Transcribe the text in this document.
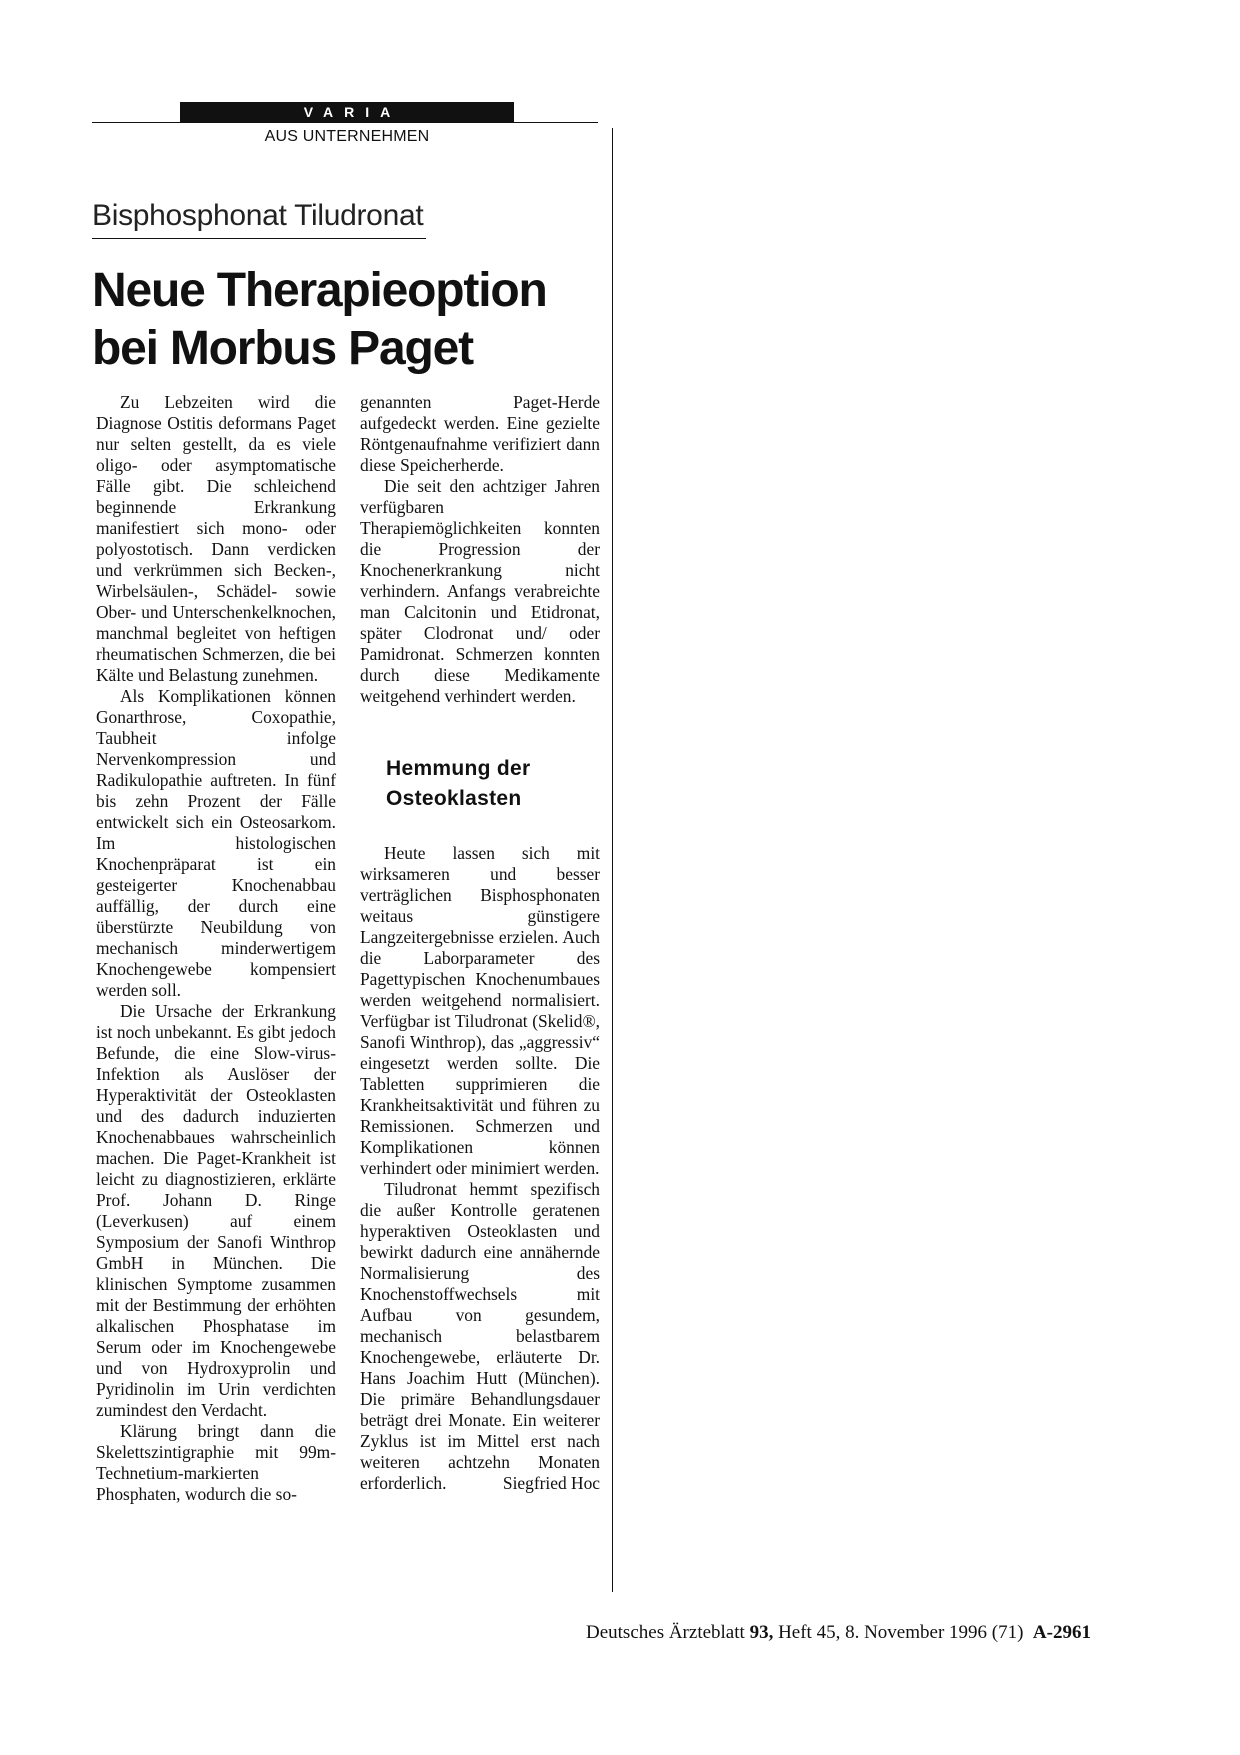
VARIA
AUS UNTERNEHMEN
Bisphosphonat Tiludronat
Neue Therapieoption
bei Morbus Paget

Zu Lebzeiten wird die Diagnose Ostitis deformans Paget nur selten gestellt, da es viele oligo- oder asymptomatische Fälle gibt. Die schleichend beginnende Erkrankung manifestiert sich mono- oder polyostotisch. Dann verdicken und verkrümmen sich Becken-, Wirbelsäulen-, Schädel- sowie Ober- und Unterschenkelknochen, manchmal begleitet von heftigen rheumatischen Schmerzen, die bei Kälte und Belastung zunehmen.

Als Komplikationen können Gonarthrose, Coxopathie, Taubheit infolge Nervenkompression und Radikulopathie auftreten. In fünf bis zehn Prozent der Fälle entwickelt sich ein Osteosarkom. Im histologischen Knochenpräparat ist ein gesteigerter Knochenabbau auffällig, der durch eine überstürzte Neubildung von mechanisch minderwertigem Knochengewebe kompensiert werden soll.

Die Ursache der Erkrankung ist noch unbekannt. Es gibt jedoch Befunde, die eine Slow-virus-Infektion als Auslöser der Hyperaktivität der Osteoklasten und des dadurch induzierten Knochenabbaues wahrscheinlich machen. Die Paget-Krankheit ist leicht zu diagnostizieren, erklärte Prof. Johann D. Ringe (Leverkusen) auf einem Symposium der Sanofi Winthrop GmbH in München. Die klinischen Symptome zusammen mit der Bestimmung der erhöhten alkalischen Phosphatase im Serum oder im Knochengewebe und von Hydroxyprolin und Pyridinolin im Urin verdichten zumindest den Verdacht.

Klärung bringt dann die Skelettszintigraphie mit 99m-Technetium-markierten Phosphaten, wodurch die so-

genannten Paget-Herde aufgedeckt werden. Eine gezielte Röntgenaufnahme verifiziert dann diese Speicherherde.

Die seit den achtziger Jahren verfügbaren Therapiemöglichkeiten konnten die Progression der Knochenerkrankung nicht verhindern. Anfangs verabreichte man Calcitonin und Etidronat, später Clodronat und/ oder Pamidronat. Schmerzen konnten durch diese Medikamente weitgehend verhindert werden.

Hemmung der
Osteoklasten

Heute lassen sich mit wirksameren und besser verträglichen Bisphosphonaten weitaus günstigere Langzeitergebnisse erzielen. Auch die Laborparameter des Pagettypischen Knochenumbaues werden weitgehend normalisiert. Verfügbar ist Tiludronat (Skelid®, Sanofi Winthrop), das „aggressiv“ eingesetzt werden sollte. Die Tabletten supprimieren die Krankheitsaktivität und führen zu Remissionen. Schmerzen und Komplikationen können verhindert oder minimiert werden.

Tiludronat hemmt spezifisch die außer Kontrolle geratenen hyperaktiven Osteoklasten und bewirkt dadurch eine annähernde Normalisierung des Knochenstoffwechsels mit Aufbau von gesundem, mechanisch belastbarem Knochengewebe, erläuterte Dr. Hans Joachim Hutt (München). Die primäre Behandlungsdauer beträgt drei Monate. Ein weiterer Zyklus ist im Mittel erst nach weiteren achtzehn Monaten erforderlich.	Siegfried Hoc

Deutsches Ärzteblatt 93, Heft 45, 8. November 1996 (71) A-2961
